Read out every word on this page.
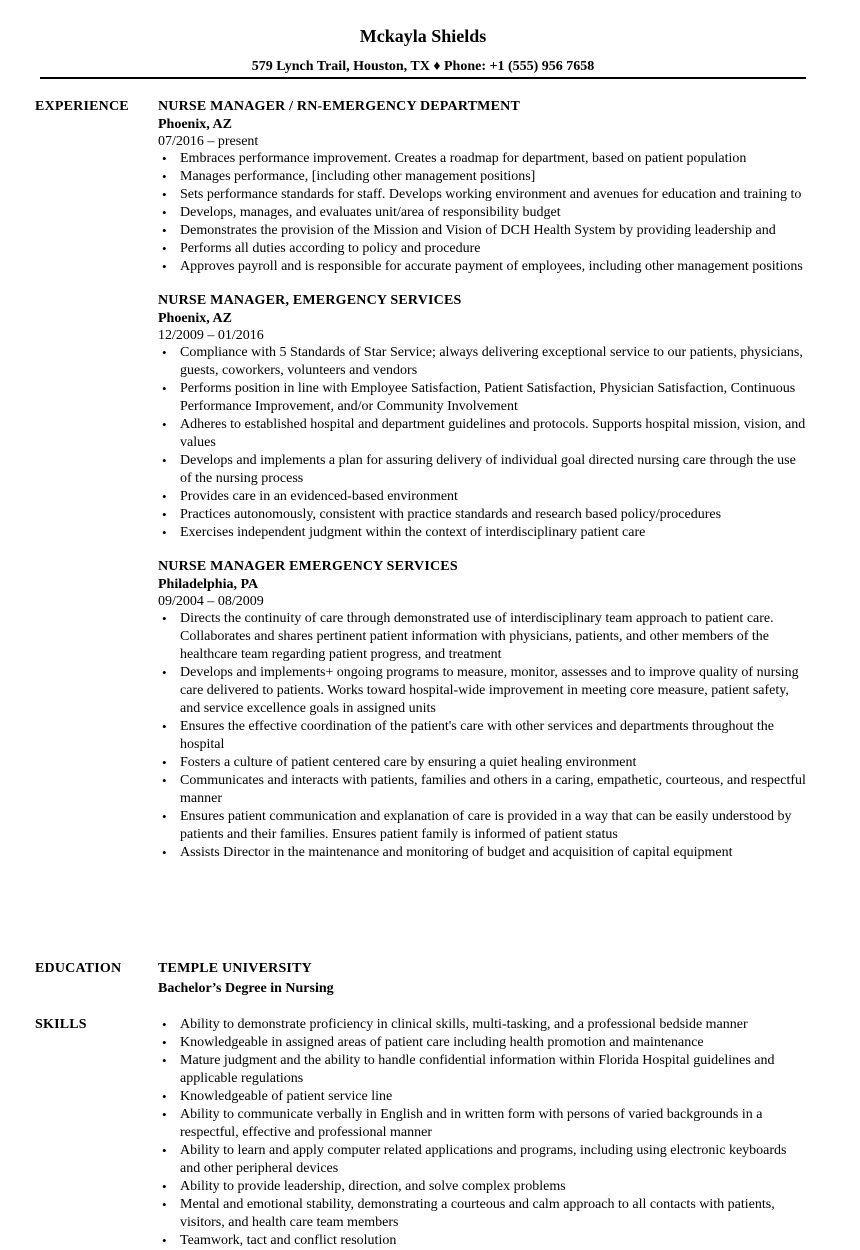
Mckayla Shields
579 Lynch Trail, Houston, TX ♦ Phone: +1 (555) 956 7658
EXPERIENCE NURSE MANAGER / RN-EMERGENCY DEPARTMENT
Phoenix, AZ
07/2016 – present
• Embraces performance improvement. Creates a roadmap for department, based on patient population
• Manages performance, [including other management positions]
• Sets performance standards for staff. Develops working environment and avenues for education and training to
• Develops, manages, and evaluates unit/area of responsibility budget
• Demonstrates the provision of the Mission and Vision of DCH Health System by providing leadership and
• Performs all duties according to policy and procedure
• Approves payroll and is responsible for accurate payment of employees, including other management positions
NURSE MANAGER, EMERGENCY SERVICES
Phoenix, AZ
12/2009 – 01/2016
• Compliance with 5 Standards of Star Service; always delivering exceptional service to our patients, physicians, guests, coworkers, volunteers and vendors
• Performs position in line with Employee Satisfaction, Patient Satisfaction, Physician Satisfaction, Continuous Performance Improvement, and/or Community Involvement
• Adheres to established hospital and department guidelines and protocols. Supports hospital mission, vision, and values
• Develops and implements a plan for assuring delivery of individual goal directed nursing care through the use of the nursing process
• Provides care in an evidenced-based environment
• Practices autonomously, consistent with practice standards and research based policy/procedures
• Exercises independent judgment within the context of interdisciplinary patient care
NURSE MANAGER EMERGENCY SERVICES
Philadelphia, PA
09/2004 – 08/2009
• Directs the continuity of care through demonstrated use of interdisciplinary team approach to patient care. Collaborates and shares pertinent patient information with physicians, patients, and other members of the healthcare team regarding patient progress, and treatment
• Develops and implements+ ongoing programs to measure, monitor, assesses and to improve quality of nursing care delivered to patients. Works toward hospital-wide improvement in meeting core measure, patient safety, and service excellence goals in assigned units
• Ensures the effective coordination of the patient's care with other services and departments throughout the hospital
• Fosters a culture of patient centered care by ensuring a quiet healing environment
• Communicates and interacts with patients, families and others in a caring, empathetic, courteous, and respectful manner
• Ensures patient communication and explanation of care is provided in a way that can be easily understood by patients and their families. Ensures patient family is informed of patient status
• Assists Director in the maintenance and monitoring of budget and acquisition of capital equipment
EDUCATION	TEMPLE UNIVERSITY
Bachelor’s Degree in Nursing
SKILLS
•	Ability to demonstrate proficiency in clinical skills, multi-tasking, and a professional bedside manner
• Knowledgeable in assigned areas of patient care including health promotion and maintenance
• Mature judgment and the ability to handle confidential information within Florida Hospital guidelines and applicable regulations
• Knowledgeable of patient service line
• Ability to communicate verbally in English and in written form with persons of varied backgrounds in a respectful, effective and professional manner
• Ability to learn and apply computer related applications and programs, including using electronic keyboards and other peripheral devices
• Ability to provide leadership, direction, and solve complex problems
• Mental and emotional stability, demonstrating a courteous and calm approach to all contacts with patients, visitors, and health care team members
• Teamwork, tact and conflict resolution
